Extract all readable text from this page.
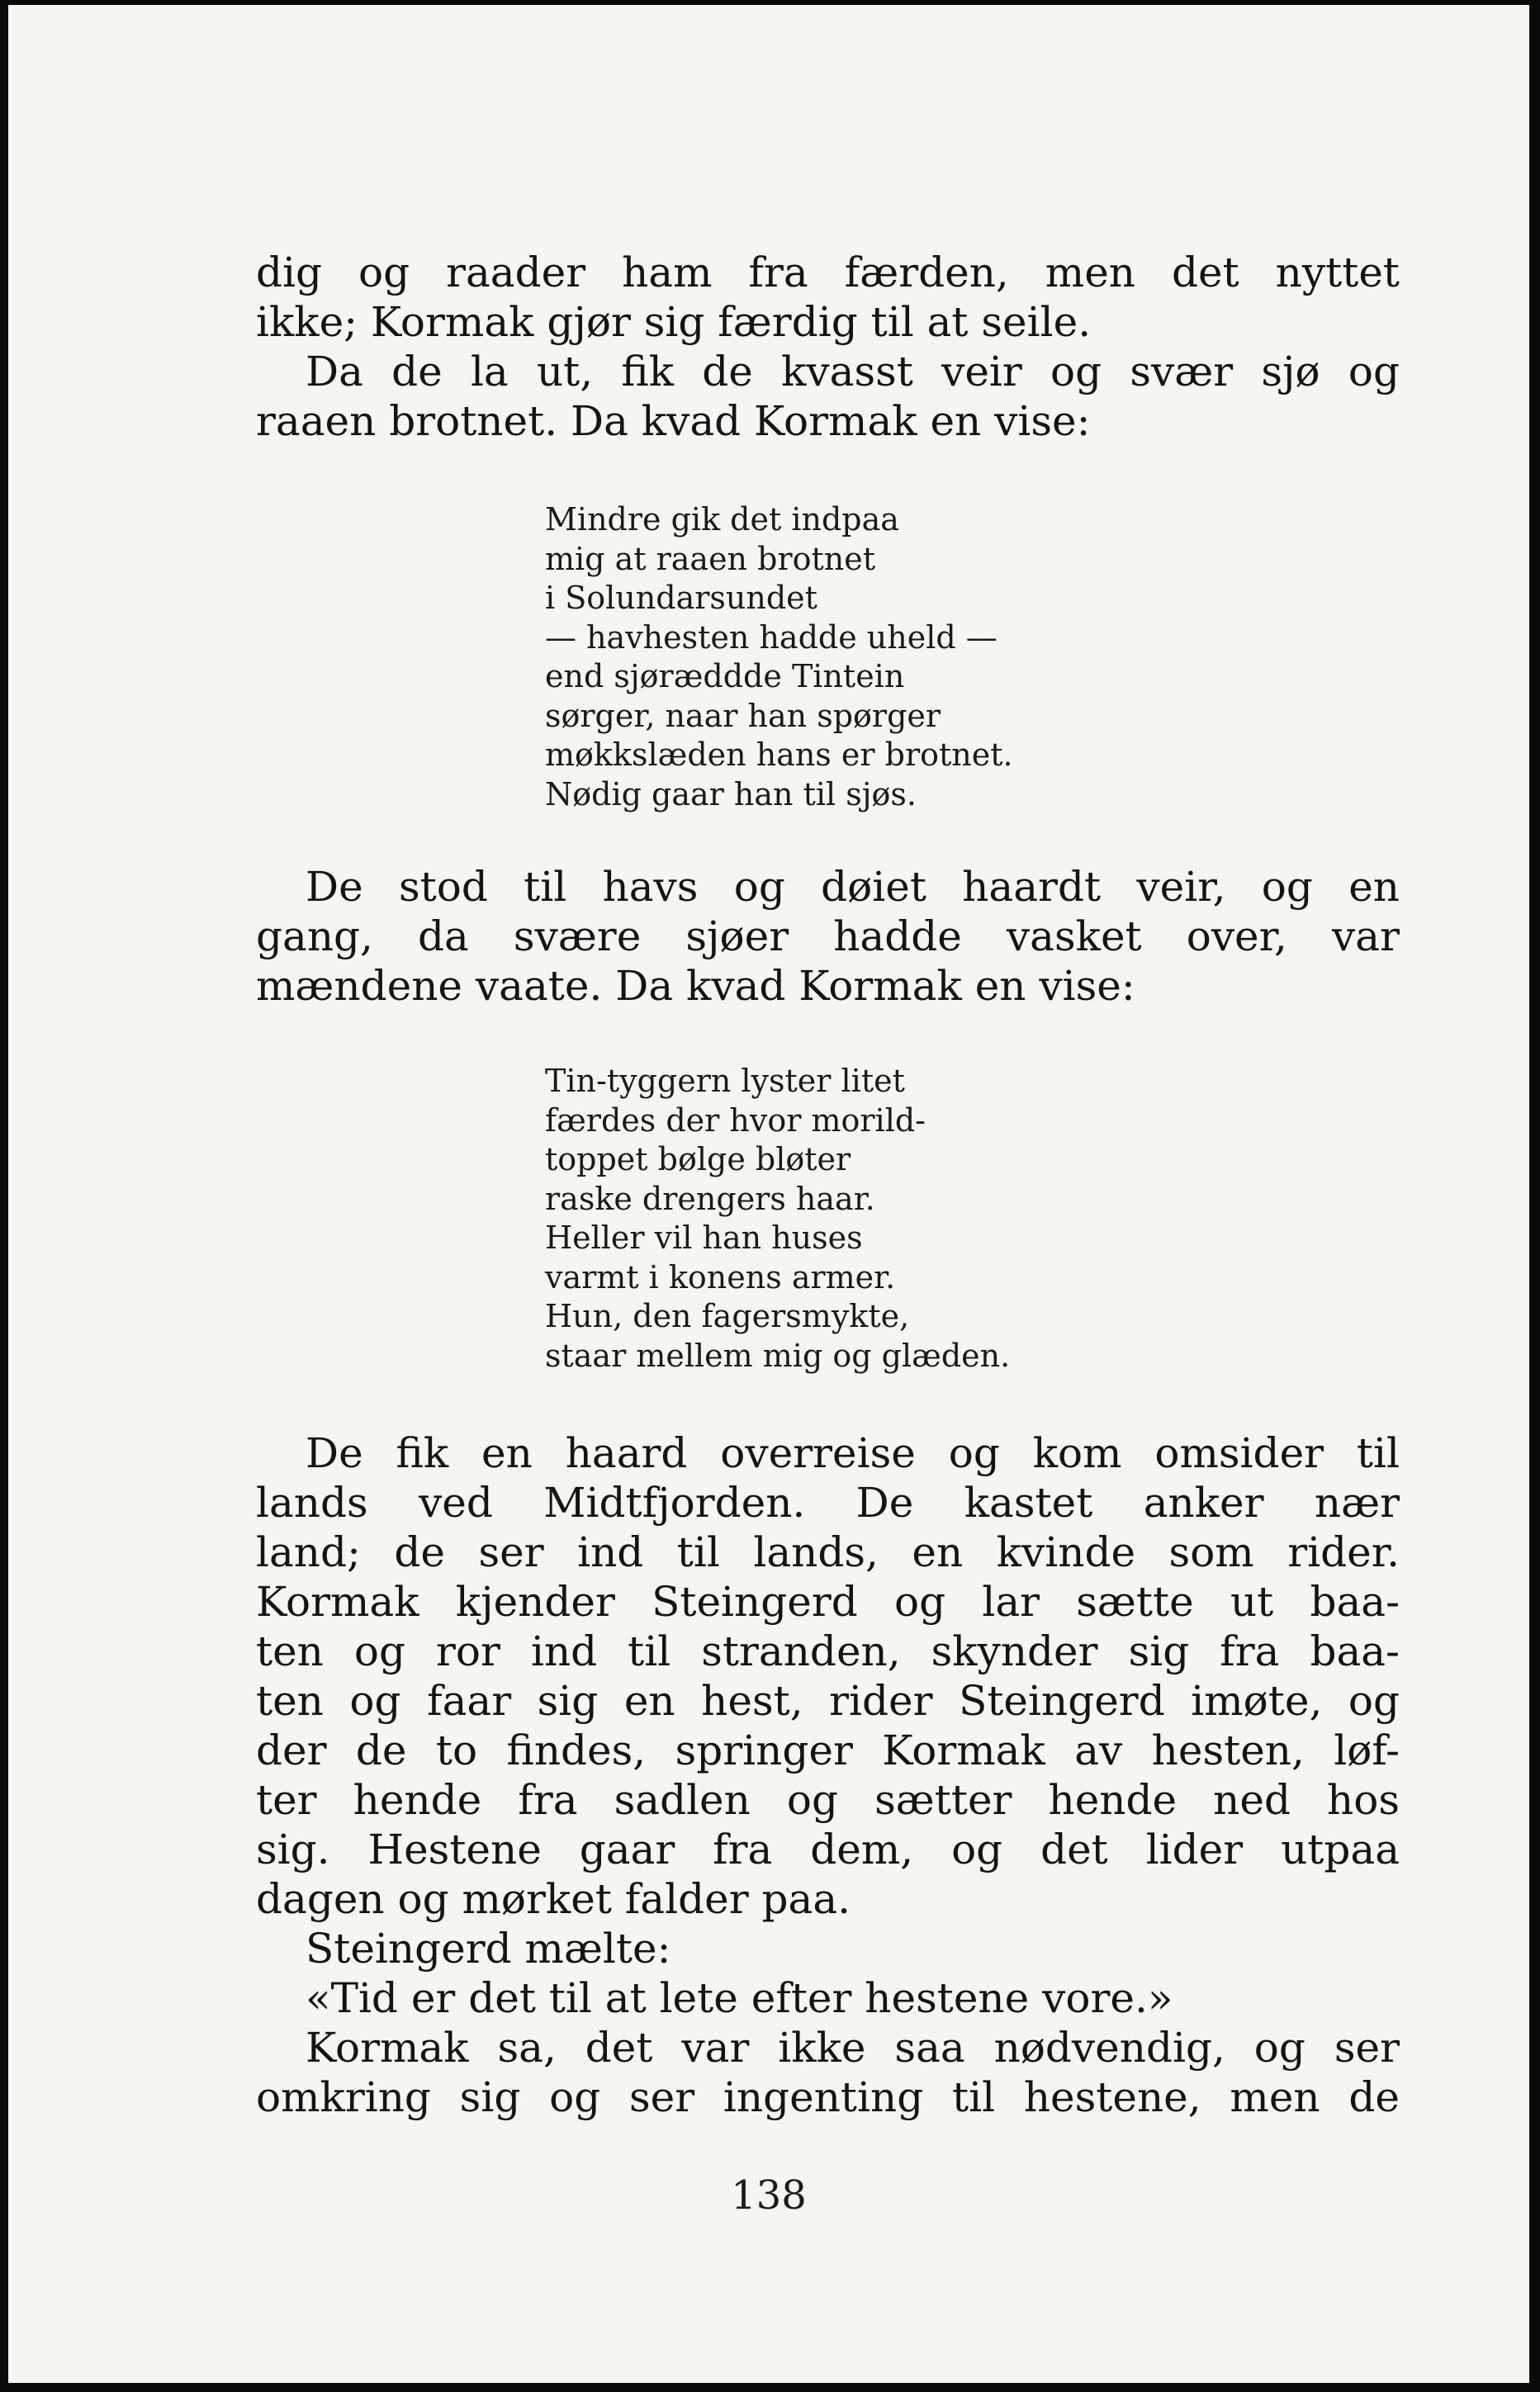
dig og raader ham fra færden, men det nyttet
ikke; Kormak gjør sig færdig til at seile.
Da de la ut, fik de kvasst veir og svær sjø og
raaen brotnet. Da kvad Kormak en vise:
Mindre gik det indpaa
mig at raaen brotnet
i Solundarsundet
— havhesten hadde uheld —
end sjøræddde Tintein
sørger, naar han spørger
møkkslæden hans er brotnet.
Nødig gaar han til sjøs.
De stod til havs og døiet haardt veir, og en
gang, da svære sjøer hadde vasket over, var
mændene vaate. Da kvad Kormak en vise:
Tin-tyggern lyster litet
færdes der hvor morild-
toppet bølge bløter
raske drengers haar.
Heller vil han huses
varmt i konens armer.
Hun, den fagersmykte,
staar mellem mig og glæden.
De fik en haard overreise og kom omsider til
lands ved Midtfjorden. De kastet anker nær
land; de ser ind til lands, en kvinde som rider.
Kormak kjender Steingerd og lar sætte ut baa-
ten og ror ind til stranden, skynder sig fra baa-
ten og faar sig en hest, rider Steingerd imøte, og
der de to findes, springer Kormak av hesten, løf-
ter hende fra sadlen og sætter hende ned hos
sig. Hestene gaar fra dem, og det lider utpaa
dagen og mørket falder paa.
Steingerd mælte:
«Tid er det til at lete efter hestene vore.»
Kormak sa, det var ikke saa nødvendig, og ser
omkring sig og ser ingenting til hestene, men de
138
